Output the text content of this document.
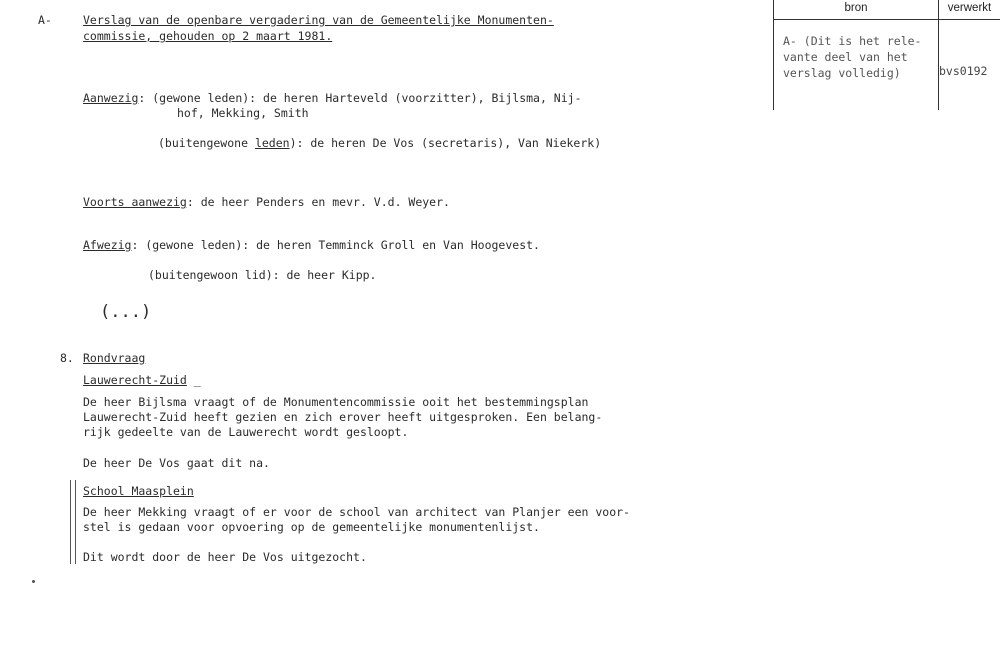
A-	Verslag van de openbare vergadering van de Gemeentelijke Monumenten-
commissie, gehouden op 2 maart 1981.
bron	verwerkt
A- (Dit is het rele-
vante deel van het
verslag volledig)	bvs0192
Aanwezig: (gewone leden): de heren Harteveld (voorzitter), Bijlsma, Nij-
hof, Mekking, Smith
(buitengewone leden): de heren De Vos (secretaris), Van Niekerk)
Voorts aanwezig: de heer Penders en mevr. V.d. Weyer.
Afwezig: (gewone leden): de heren Temminck Groll en Van Hoogevest.
(buitengewoon lid): de heer Kipp.
(...)
8. Rondvraag
Lauwerecht-Zuid _
De heer Bijlsma vraagt of de Monumentencommissie ooit het bestemmingsplan
Lauwerecht-Zuid heeft gezien en zich erover heeft uitgesproken. Een belang-
rijk gedeelte van de Lauwerecht wordt gesloopt.
De heer De Vos gaat dit na.
School Maasplein
De heer Mekking vraagt of er voor de school van architect van Planjer een voor-
stel is gedaan voor opvoering op de gemeentelijke monumentenlijst.
Dit wordt door de heer De Vos uitgezocht.
